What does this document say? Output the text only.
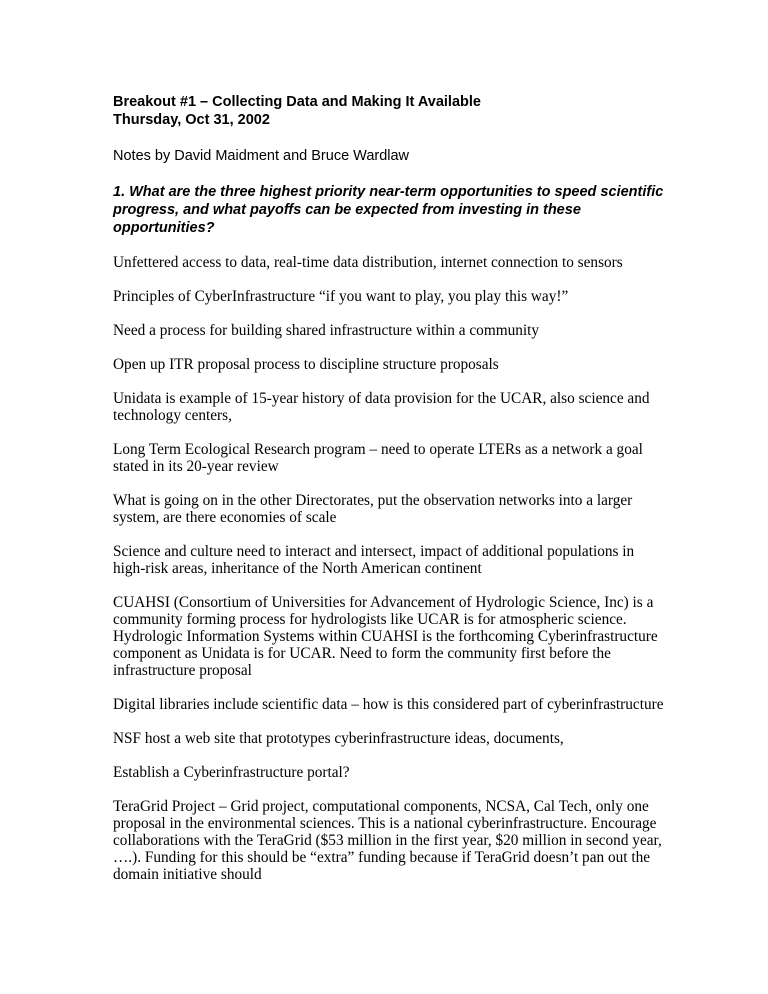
Breakout #1 – Collecting Data and Making It Available
Thursday, Oct 31, 2002

Notes by David Maidment and Bruce Wardlaw

1. What are the three highest priority near-term opportunities to speed scientific progress, and what payoffs can be expected from investing in these opportunities?

Unfettered access to data, real-time data distribution, internet connection to sensors

Principles of CyberInfrastructure “if you want to play, you play this way!”

Need a process for building shared infrastructure within a community

Open up ITR proposal process to discipline structure proposals

Unidata is example of 15-year history of data provision for the UCAR, also science and technology centers,

Long Term Ecological Research program – need to operate LTERs as a network a goal stated in its 20-year review

What is going on in the other Directorates, put the observation networks into a larger system, are there economies of scale

Science and culture need to interact and intersect, impact of additional populations in high-risk areas, inheritance of the North American continent

CUAHSI (Consortium of Universities for Advancement of Hydrologic Science, Inc) is a community forming process for hydrologists like UCAR is for atmospheric science. Hydrologic Information Systems within CUAHSI is the forthcoming Cyberinfrastructure component as Unidata is for UCAR. Need to form the community first before the infrastructure proposal

Digital libraries include scientific data – how is this considered part of cyberinfrastructure

NSF host a web site that prototypes cyberinfrastructure ideas, documents,

Establish a Cyberinfrastructure portal?

TeraGrid Project – Grid project, computational components, NCSA, Cal Tech, only one proposal in the environmental sciences. This is a national cyberinfrastructure. Encourage collaborations with the TeraGrid ($53 million in the first year, $20 million in second year, ….). Funding for this should be “extra” funding because if TeraGrid doesn’t pan out the domain initiative should
